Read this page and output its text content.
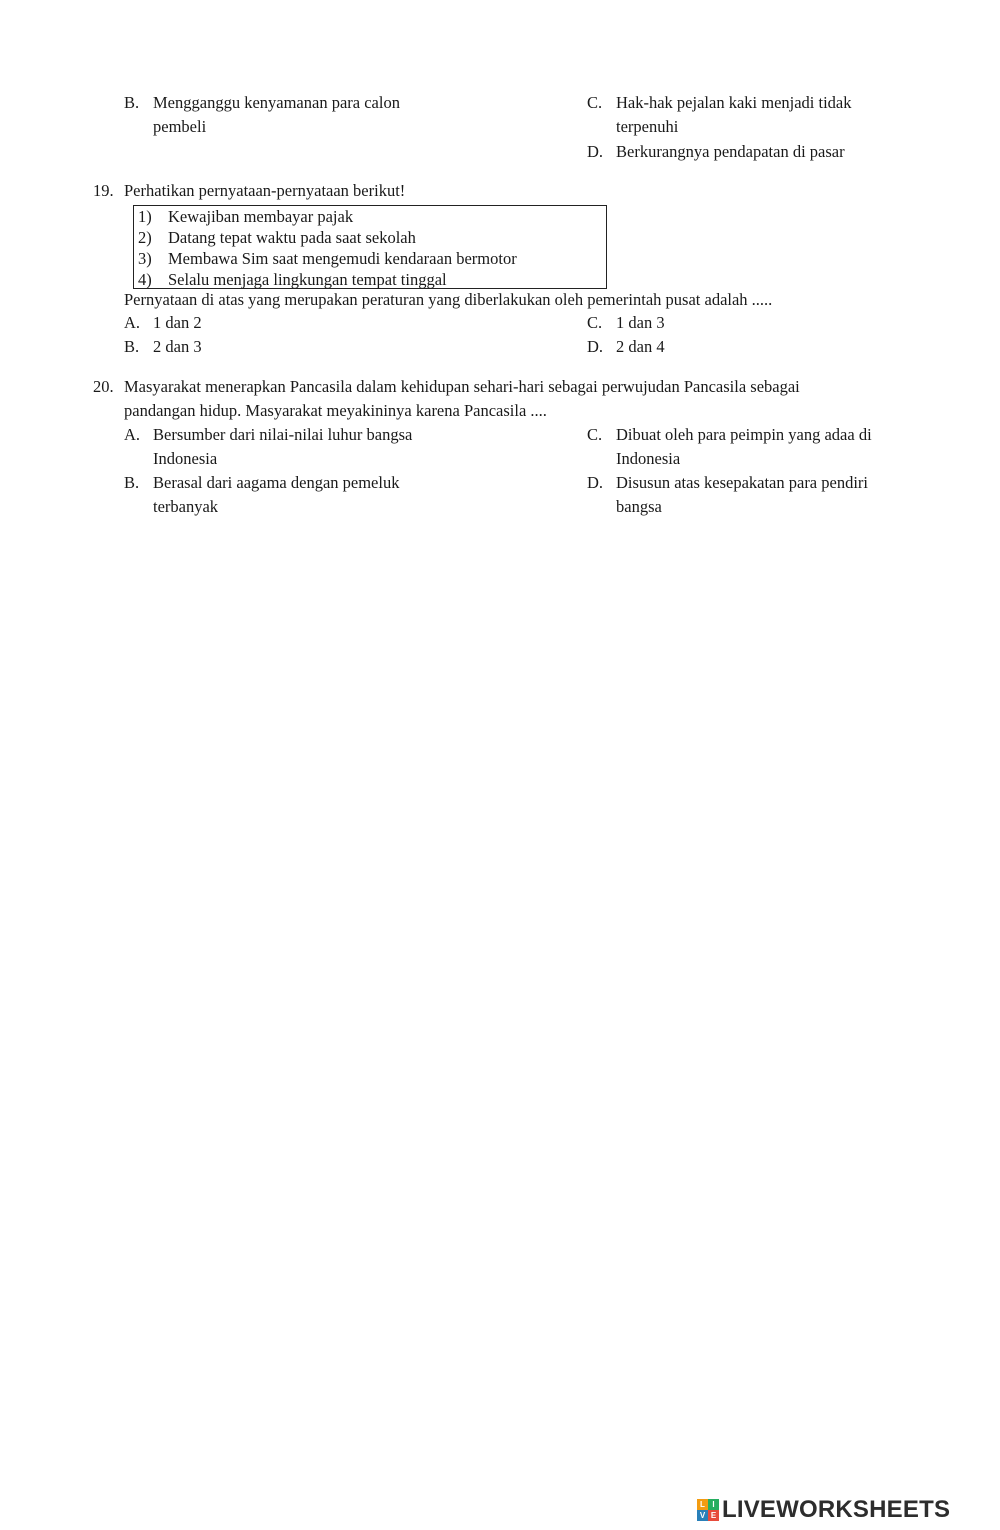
B. Mengganggu kenyamanan para calon
pembeli
C. Hak-hak pejalan kaki menjadi tidak
terpenuhi
D. Berkurangnya pendapatan di pasar
19. Perhatikan pernyataan-pernyataan berikut!
1) Kewajiban membayar pajak
2) Datang tepat waktu pada saat sekolah
3) Membawa Sim saat mengemudi kendaraan bermotor
4) Selalu menjaga lingkungan tempat tinggal
Pernyataan di atas yang merupakan peraturan yang diberlakukan oleh pemerintah pusat adalah .....
A. 1 dan 2
B. 2 dan 3
C. 1 dan 3
D. 2 dan 4
20. Masyarakat menerapkan Pancasila dalam kehidupan sehari-hari sebagai perwujudan Pancasila sebagai
pandangan hidup. Masyarakat meyakininya karena Pancasila ....
A. Bersumber dari nilai-nilai luhur bangsa
Indonesia
B. Berasal dari aagama dengan pemeluk
terbanyak
C. Dibuat oleh para peimpin yang adaa di
Indonesia
D. Disusun atas kesepakatan para pendiri
bangsa
L I
V E LIVEWORKSHEETS
